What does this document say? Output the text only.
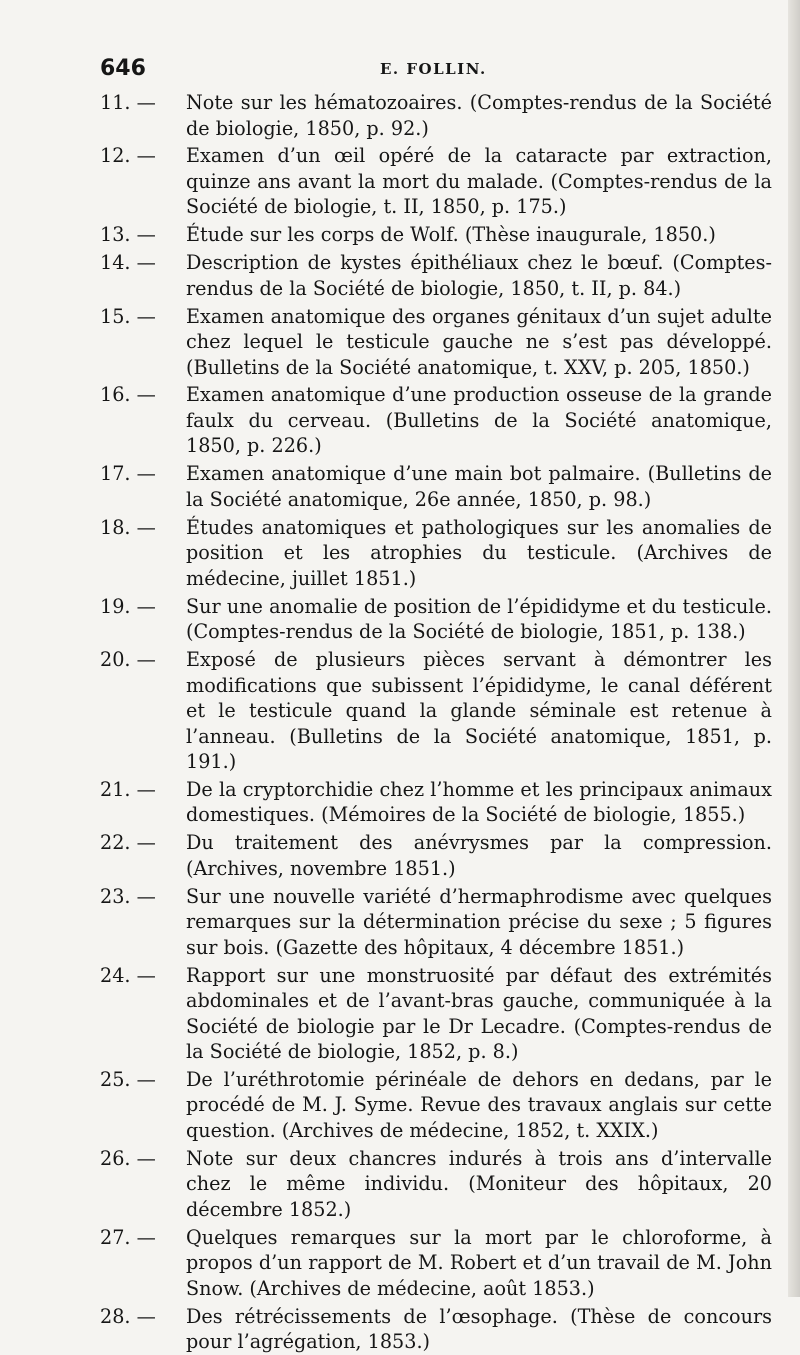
646	E. FOLLIN.
11. —	Note sur les hématozoaires. (Comptes-rendus de la Société de biologie, 1850, p. 92.)
12. —	Examen d’un œil opéré de la cataracte par extraction, quinze ans avant la mort du malade. (Comptes-rendus de la Société de biologie, t. II, 1850, p. 175.)
13. —	Étude sur les corps de Wolf. (Thèse inaugurale, 1850.)
14. —	Description de kystes épithéliaux chez le bœuf. (Comptes-rendus de la Société de biologie, 1850, t. II, p. 84.)
15. —	Examen anatomique des organes génitaux d’un sujet adulte chez lequel le testicule gauche ne s’est pas développé. (Bulletins de la Société anatomique, t. XXV, p. 205, 1850.)
16. —	Examen anatomique d’une production osseuse de la grande faulx du cerveau. (Bulletins de la Société anatomique, 1850, p. 226.)
17. —	Examen anatomique d’une main bot palmaire. (Bulletins de la Société anatomique, 26e année, 1850, p. 98.)
18. —	Études anatomiques et pathologiques sur les anomalies de position et les atrophies du testicule. (Archives de médecine, juillet 1851.)
19. —	Sur une anomalie de position de l’épididyme et du testicule. (Comptes-rendus de la Société de biologie, 1851, p. 138.)
20. —	Exposé de plusieurs pièces servant à démontrer les modifications que subissent l’épididyme, le canal déférent et le testicule quand la glande séminale est retenue à l’anneau. (Bulletins de la Société anatomique, 1851, p. 191.)
21. —	De la cryptorchidie chez l’homme et les principaux animaux domestiques. (Mémoires de la Société de biologie, 1855.)
22. —	Du traitement des anévrysmes par la compression. (Archives, novembre 1851.)
23. —	Sur une nouvelle variété d’hermaphrodisme avec quelques remarques sur la détermination précise du sexe ; 5 figures sur bois. (Gazette des hôpitaux, 4 décembre 1851.)
24. —	Rapport sur une monstruosité par défaut des extrémités abdominales et de l’avant-bras gauche, communiquée à la Société de biologie par le Dr Lecadre. (Comptes-rendus de la Société de biologie, 1852, p. 8.)
25. —	De l’uréthrotomie périnéale de dehors en dedans, par le procédé de M. J. Syme. Revue des travaux anglais sur cette question. (Archives de médecine, 1852, t. XXIX.)
26. —	Note sur deux chancres indurés à trois ans d’intervalle chez le même individu. (Moniteur des hôpitaux, 20 décembre 1852.)
27. —	Quelques remarques sur la mort par le chloroforme, à propos d’un rapport de M. Robert et d’un travail de M. John Snow. (Archives de médecine, août 1853.)
28. —	Des rétrécissements de l’œsophage. (Thèse de concours pour l’agrégation, 1853.)
